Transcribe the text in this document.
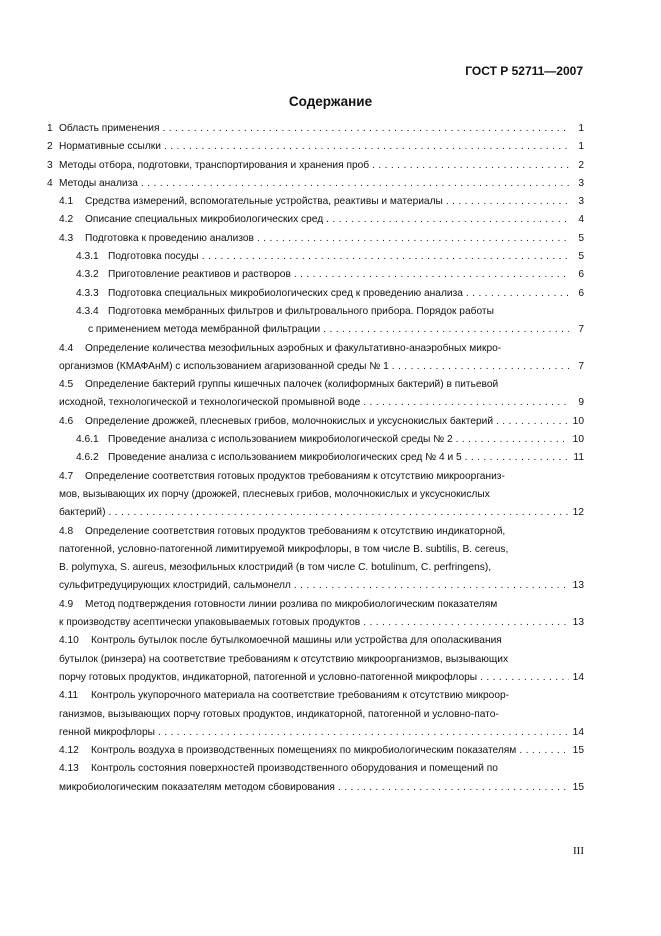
ГОСТ Р 52711—2007
Содержание
1 Область применения . . .	1
2 Нормативные ссылки . . .	1
3 Методы отбора, подготовки, транспортирования и хранения проб . . .	2
4 Методы анализа . . .	3
4.1 Средства измерений, вспомогательные устройства, реактивы и материалы . . .	3
4.2 Описание специальных микробиологических сред . . .	4
4.3 Подготовка к проведению анализов . . .	5
4.3.1 Подготовка посуды . . .	5
4.3.2 Приготовление реактивов и растворов . . .	6
4.3.3 Подготовка специальных микробиологических сред к проведению анализа . . .	6
4.3.4 Подготовка мембранных фильтров и фильтровального прибора. Порядок работы
с применением метода мембранной фильтрации . . .	7
4.4 Определение количества мезофильных аэробных и факультативно-анаэробных микро-
организмов (КМАФАнМ) с использованием агаризованной среды № 1 . . .	7
4.5 Определение бактерий группы кишечных палочек (колиформных бактерий) в питьевой
исходной, технологической и технологической промывной воде . . .	9
4.6 Определение дрожжей, плесневых грибов, молочнокислых и уксуснокислых бактерий . . .	10
4.6.1 Проведение анализа с использованием микробиологической среды № 2 . . .	10
4.6.2 Проведение анализа с использованием микробиологических сред № 4 и 5 . . .	11
4.7 Определение соответствия готовых продуктов требованиям к отсутствию микроорганиз-
мов, вызывающих их порчу (дрожжей, плесневых грибов, молочнокислых и уксуснокислых
бактерий) . . .	12
4.8 Определение соответствия готовых продуктов требованиям к отсутствию индикаторной,
патогенной, условно-патогенной лимитируемой микрофлоры, в том числе B. subtilis, B. cereus,
B. polymyxa, S. aureus, мезофильных клостридий (в том числе C. botulinum, C. perfringens),
сульфитредуцирующих клостридий, сальмонелл . . .	13
4.9 Метод подтверждения готовности линии розлива по микробиологическим показателям
к производству асептически упаковываемых готовых продуктов . . .	13
4.10 Контроль бутылок после бутылкомоечной машины или устройства для ополаскивания
бутылок (ринзера) на соответствие требованиям к отсутствию микроорганизмов, вызывающих
порчу готовых продуктов, индикаторной, патогенной и условно-патогенной микрофлоры . . .	14
4.11 Контроль укупорочного материала на соответствие требованиям к отсутствию микроор-
ганизмов, вызывающих порчу готовых продуктов, индикаторной, патогенной и условно-пато-
генной микрофлоры . . .	14
4.12 Контроль воздуха в производственных помещениях по микробиологическим показателям . . .	15
4.13 Контроль состояния поверхностей производственного оборудования и помещений по
микробиологическим показателям методом сбовирования . . .	15
III
